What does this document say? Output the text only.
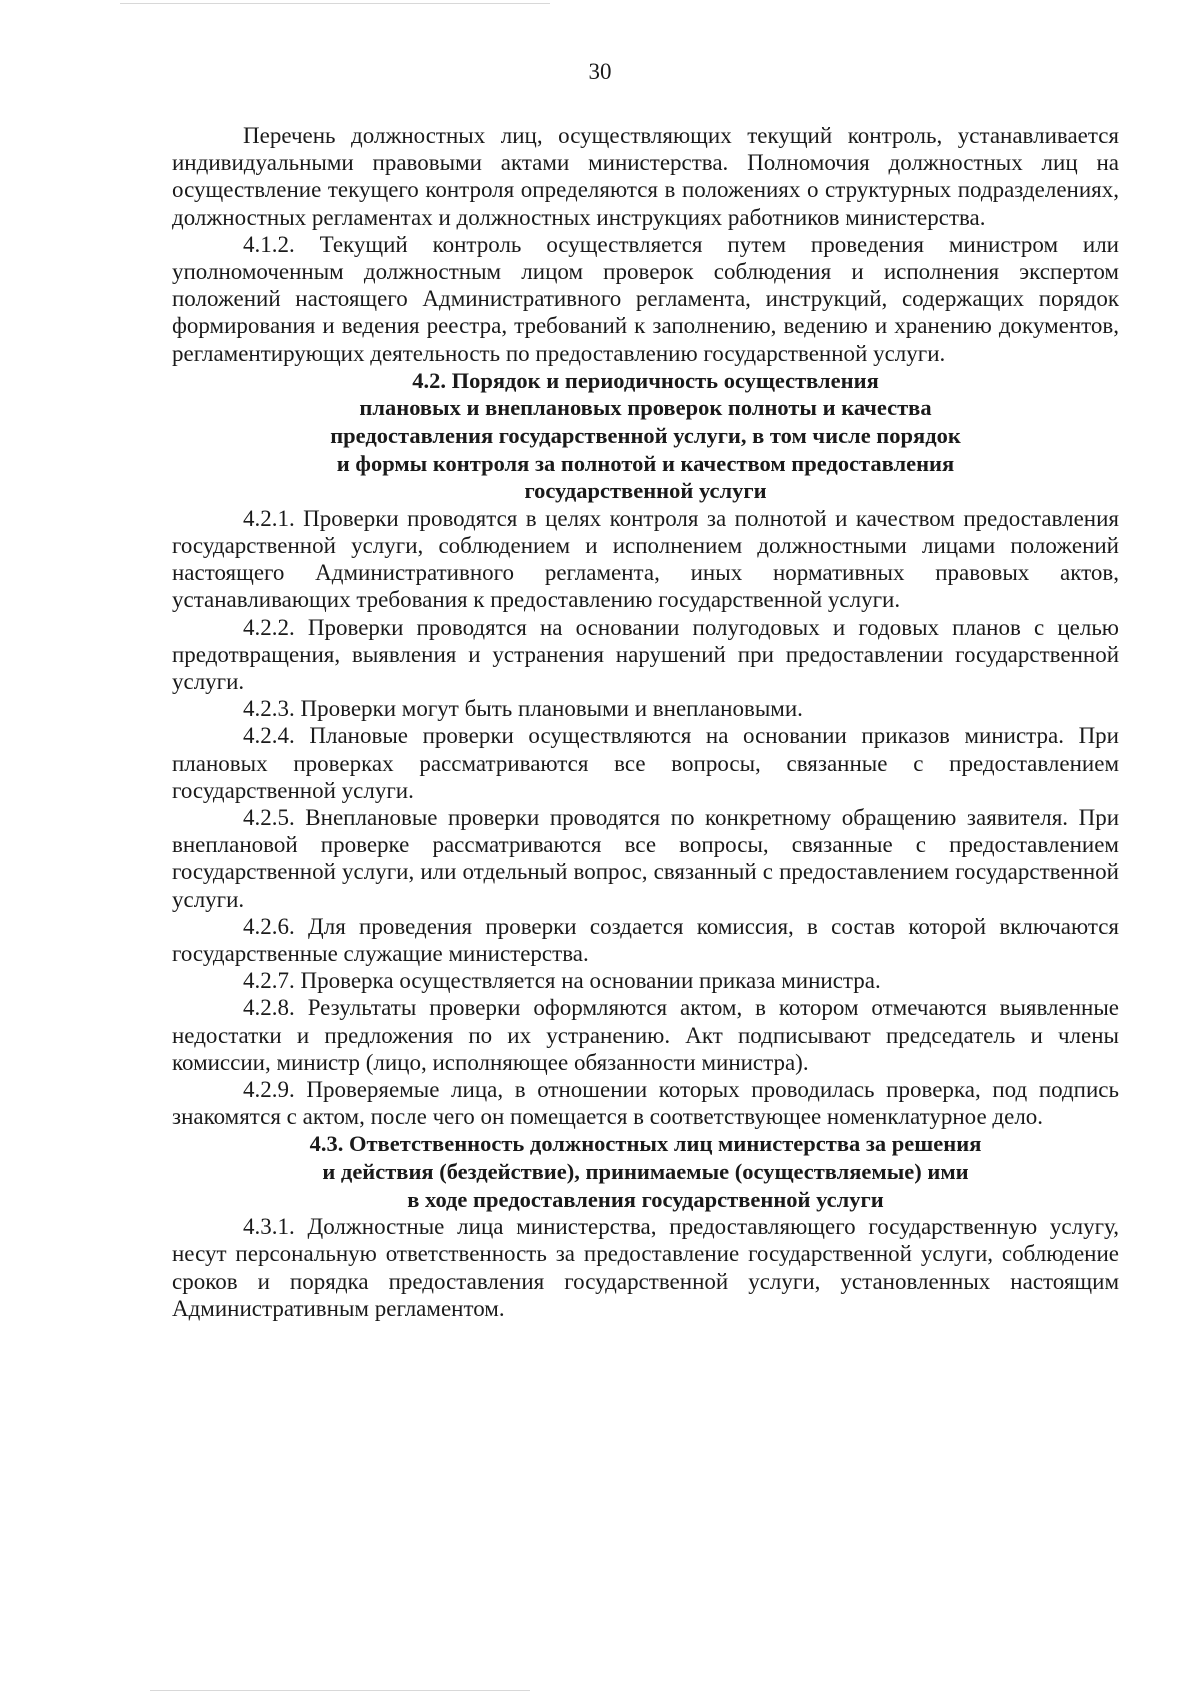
30

Перечень должностных лиц, осуществляющих текущий контроль, устанавливается индивидуальными правовыми актами министерства. Полномочия должностных лиц на осуществление текущего контроля определяются в положениях о структурных подразделениях, должностных регламентах и должностных инструкциях работников министерства.

4.1.2. Текущий контроль осуществляется путем проведения министром или уполномоченным должностным лицом проверок соблюдения и исполнения экспертом положений настоящего Административного регламента, инструкций, содержащих порядок формирования и ведения реестра, требований к заполнению, ведению и хранению документов, регламентирующих деятельность по предоставлению государственной услуги.

4.2. Порядок и периодичность осуществления
плановых и внеплановых проверок полноты и качества
предоставления государственной услуги, в том числе порядок
и формы контроля за полнотой и качеством предоставления
государственной услуги

4.2.1. Проверки проводятся в целях контроля за полнотой и качеством предоставления государственной услуги, соблюдением и исполнением должностными лицами положений настоящего Административного регламента, иных нормативных правовых актов, устанавливающих требования к предоставлению государственной услуги.

4.2.2. Проверки проводятся на основании полугодовых и годовых планов с целью предотвращения, выявления и устранения нарушений при предоставлении государственной услуги.

4.2.3. Проверки могут быть плановыми и внеплановыми.

4.2.4. Плановые проверки осуществляются на основании приказов министра. При плановых проверках рассматриваются все вопросы, связанные с предоставлением государственной услуги.

4.2.5. Внеплановые проверки проводятся по конкретному обращению заявителя. При внеплановой проверке рассматриваются все вопросы, связанные с предоставлением государственной услуги, или отдельный вопрос, связанный с предоставлением государственной услуги.

4.2.6. Для проведения проверки создается комиссия, в состав которой включаются государственные служащие министерства.

4.2.7. Проверка осуществляется на основании приказа министра.

4.2.8. Результаты проверки оформляются актом, в котором отмечаются выявленные недостатки и предложения по их устранению. Акт подписывают председатель и члены комиссии, министр (лицо, исполняющее обязанности министра).

4.2.9. Проверяемые лица, в отношении которых проводилась проверка, под подпись знакомятся с актом, после чего он помещается в соответствующее номенклатурное дело.

4.3. Ответственность должностных лиц министерства за решения
и действия (бездействие), принимаемые (осуществляемые) ими
в ходе предоставления государственной услуги

4.3.1. Должностные лица министерства, предоставляющего государственную услугу, несут персональную ответственность за предоставление государственной услуги, соблюдение сроков и порядка предоставления государственной услуги, установленных настоящим Административным регламентом.
